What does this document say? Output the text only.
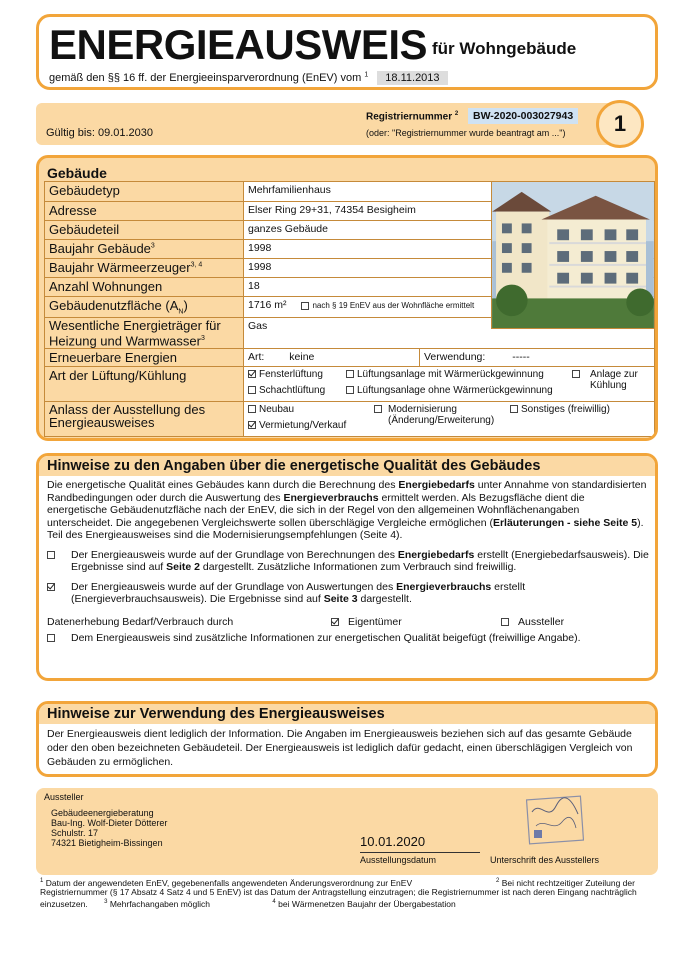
ENERGIEAUSWEIS für Wohngebäude
gemäß den §§ 16 ff. der Energieeinsparverordnung (EnEV) vom $^1$ 18.11.2013
Gültig bis: 09.01.2030
Registriernummer $^2$	BW-2020-003027943
(oder: "Registriernummer wurde beantragt am ...")	1
Gebäude
Gebäudetyp	Mehrfamilienhaus
Adresse	Elser Ring 29+31, 74354 Besigheim
Gebäudeteil	ganzes Gebäude
Baujahr Gebäude$^3$	1998
Baujahr Wärmeerzeuger$^{3, 4}$	1998
Anzahl Wohnungen	18
Gebäudenutzfläche $(A_N)$	1716 m² nach § 19 EnEV aus der Wohnfläche ermittelt
Wesentliche Energieträger für Heizung und Warmwasser$^3$	Gas
Erneuerbare Energien	Art: keine Verwendung: -----

Art der Lüftung/Kühlung	Fensterlüftung
Schachtlüftung
Lüftungsanlage mit Wärmerückgewinnung
Lüftungsanlage ohne Wärmerückgewinnung
Anlage zur Kühlung

Anlass der Ausstellung des Energieausweises	Neubau
Vermietung/Verkauf
Modernisierung (Änderung/Erweiterung)
Sonstiges (freiwillig)
Hinweise zu den Angaben über die energetische Qualität des Gebäudes
Die energetische Qualität eines Gebäudes kann durch die Berechnung des Energiebedarfs unter Annahme von standardisierten Randbedingungen oder durch die Auswertung des Energieverbrauchs ermittelt werden. Als Bezugsfläche dient die energetische Gebäudenutzfläche nach der EnEV, die sich in der Regel von den allgemeinen Wohnflächenangaben unterscheidet. Die angegebenen Vergleichswerte sollen überschlägige Vergleiche ermöglichen (Erläuterungen - siehe Seite 5). Teil des Energieausweises sind die Modernisierungsempfehlungen (Seite 4).
Der Energieausweis wurde auf der Grundlage von Berechnungen des Energiebedarfs erstellt (Energiebedarfsausweis). Die Ergebnisse sind auf Seite 2 dargestellt. Zusätzliche Informationen zum Verbrauch sind freiwillig.
Der Energieausweis wurde auf der Grundlage von Auswertungen des Energieverbrauchs erstellt (Energieverbrauchsausweis). Die Ergebnisse sind auf Seite 3 dargestellt.
Datenerhebung Bedarf/Verbrauch durch	Eigentümer	Aussteller
Dem Energieausweis sind zusätzliche Informationen zur energetischen Qualität beigefügt (freiwillige Angabe).
Hinweise zur Verwendung des Energieausweises
Der Energieausweis dient lediglich der Information. Die Angaben im Energieausweis beziehen sich auf das gesamte Gebäude oder den oben bezeichneten Gebäudeteil. Der Energieausweis ist lediglich dafür gedacht, einen überschlägigen Vergleich von Gebäuden zu ermöglichen.
Aussteller
Gebäudeenergieberatung
Bau-Ing. Wolf-Dieter Dötterer
Schulstr. 17
74321 Bietigheim-Bissingen	10.01.2020
Ausstellungsdatum	Unterschrift des Ausstellers
$^1$ Datum der angewendeten EnEV, gegebenenfalls angewendeten Änderungsverordnung zur EnEV	$^2$ Bei nicht rechtzeitiger Zuteilung der Registriernummer (§ 17 Absatz 4 Satz 4 und 5 EnEV) ist das Datum der Antragstellung einzutragen; die Registriernummer ist nach deren Eingang nachträglich einzusetzen.	$^3$ Mehrfachangaben möglich	$^4$ bei Wärmenetzen Baujahr der Übergabestation
